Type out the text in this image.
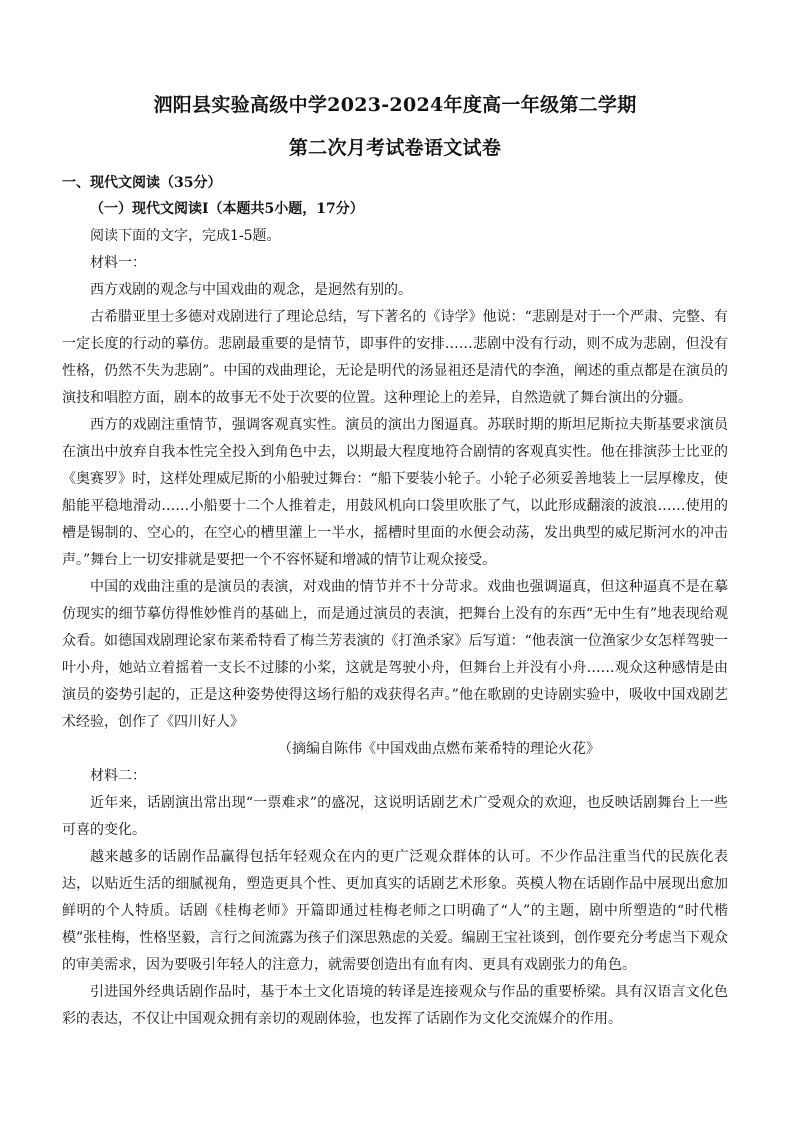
泗阳县实验高级中学2023-2024年度高一年级第二学期
第二次月考试卷语文试卷

一、现代文阅读（35分）

（一）现代文阅读Ⅰ（本题共5小题，17分）

阅读下面的文字，完成1-5题。

材料一：

西方戏剧的观念与中国戏曲的观念，是迥然有别的。

古希腊亚里士多德对戏剧进行了理论总结，写下著名的《诗学》他说：“悲剧是对于一个严肃、完整、有一定长度的行动的摹仿。悲剧最重要的是情节，即事件的安排……悲剧中没有行动，则不成为悲剧，但没有性格，仍然不失为悲剧”。中国的戏曲理论，无论是明代的汤显祖还是清代的李渔，阐述的重点都是在演员的演技和唱腔方面，剧本的故事无不处于次要的位置。这种理论上的差异，自然造就了舞台演出的分疆。

西方的戏剧注重情节，强调客观真实性。演员的演出力图逼真。苏联时期的斯坦尼斯拉夫斯基要求演员在演出中放弃自我本性完全投入到角色中去，以期最大程度地符合剧情的客观真实性。他在排演莎士比亚的《奥赛罗》时，这样处理威尼斯的小船驶过舞台：“船下要装小轮子。小轮子必须妥善地装上一层厚橡皮，使船能平稳地滑动……小船要十二个人推着走，用鼓风机向口袋里吹胀了气，以此形成翻滚的波浪……使用的槽是锡制的、空心的，在空心的槽里灌上一半水，摇槽时里面的水便会动荡，发出典型的威尼斯河水的冲击声。”舞台上一切安排就是要把一个不容怀疑和增减的情节让观众接受。

中国的戏曲注重的是演员的表演，对戏曲的情节并不十分苛求。戏曲也强调逼真，但这种逼真不是在摹仿现实的细节摹仿得惟妙惟肖的基础上，而是通过演员的表演，把舞台上没有的东西“无中生有”地表现给观众看。如德国戏剧理论家布莱希特看了梅兰芳表演的《打渔杀家》后写道：“他表演一位渔家少女怎样驾驶一叶小舟，她站立着摇着一支长不过膝的小桨，这就是驾驶小舟，但舞台上并没有小舟……观众这种感情是由演员的姿势引起的，正是这种姿势使得这场行船的戏获得名声。”他在歌剧的史诗剧实验中，吸收中国戏剧艺术经验，创作了《四川好人》

（摘编自陈伟《中国戏曲点燃布莱希特的理论火花》

材料二：

近年来，话剧演出常出现“一票难求”的盛况，这说明话剧艺术广受观众的欢迎，也反映话剧舞台上一些可喜的变化。

越来越多的话剧作品赢得包括年轻观众在内的更广泛观众群体的认可。不少作品注重当代的民族化表达，以贴近生活的细腻视角，塑造更具个性、更加真实的话剧艺术形象。英模人物在话剧作品中展现出愈加鲜明的个人特质。话剧《桂梅老师》开篇即通过桂梅老师之口明确了“人”的主题，剧中所塑造的“时代楷模”张桂梅，性格坚毅，言行之间流露为孩子们深思熟虑的关爱。编剧王宝社谈到，创作要充分考虑当下观众的审美需求，因为要吸引年轻人的注意力，就需要创造出有血有肉、更具有戏剧张力的角色。

引进国外经典话剧作品时，基于本土文化语境的转译是连接观众与作品的重要桥梁。具有汉语言文化色彩的表达，不仅让中国观众拥有亲切的观剧体验，也发挥了话剧作为文化交流媒介的作用。
